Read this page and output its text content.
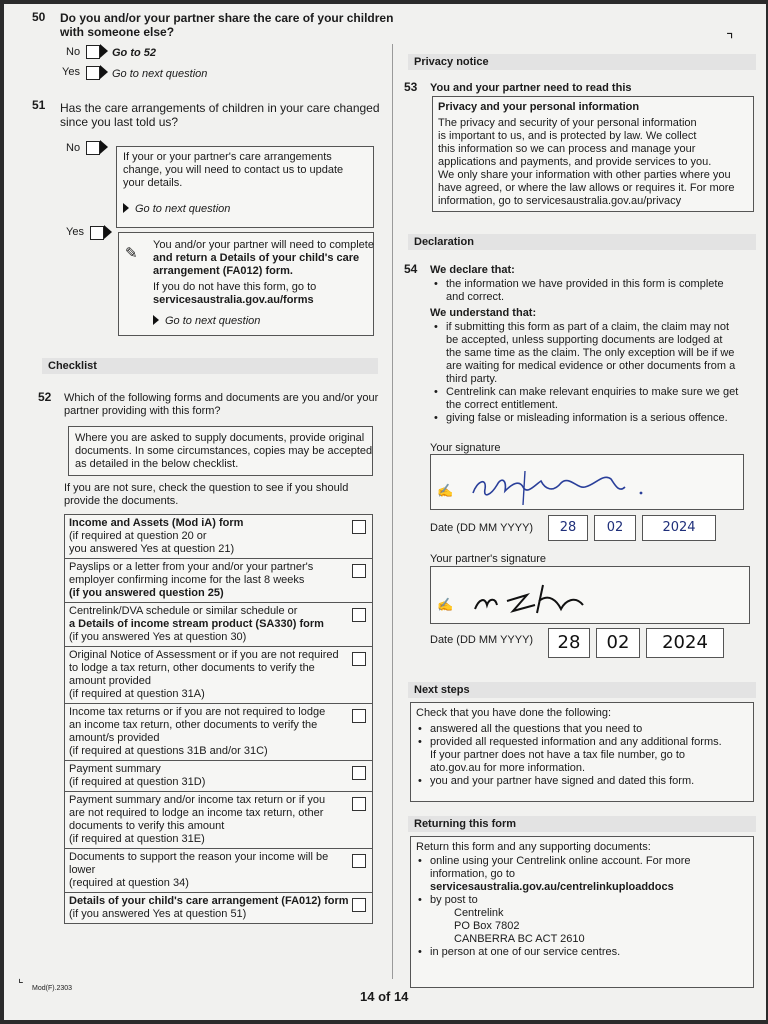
50 Do you and/or your partner share the care of your children
with someone else?
No	Go to 52
Yes	Go to next question
51 Has the care arrangements of children in your care changed
since you last told us?
No
If your or your partner's care arrangements
change, you will need to contact us to update
your details.
Go to next question
Yes
✎ You and/or your partner will need to complete
and return a Details of your child's care
arrangement (FA012) form.
If you do not have this form, go to
servicesaustralia.gov.au/forms
Go to next question
Checklist
52 Which of the following forms and documents are you and/or your
partner providing with this form?
Where you are asked to supply documents, provide original
documents. In some circumstances, copies may be accepted
as detailed in the below checklist.
If you are not sure, check the question to see if you should
provide the documents.
Income and Assets (Mod iA) form
(if required at question 20 or
you answered Yes at question 21)
Payslips or a letter from your and/or your partner's
employer confirming income for the last 8 weeks
(if you answered question 25)
Centrelink/DVA schedule or similar schedule or
a Details of income stream product (SA330) form
(if you answered Yes at question 30)
Original Notice of Assessment or if you are not required
to lodge a tax return, other documents to verify the
amount provided
(if required at question 31A)
Income tax returns or if you are not required to lodge
an income tax return, other documents to verify the
amount/s provided
(if required at questions 31B and/or 31C)
Payment summary
(if required at question 31D)
Payment summary and/or income tax return or if you
are not required to lodge an income tax return, other
documents to verify this amount
(if required at question 31E)
Documents to support the reason your income will be
lower
(required at question 34)
Details of your child's care arrangement (FA012) form
(if you answered Yes at question 51)
⌝
Privacy notice
53 You and your partner need to read this
Privacy and your personal information
The privacy and security of your personal information
is important to us, and is protected by law. We collect
this information so we can process and manage your
applications and payments, and provide services to you.
We only share your information with other parties where you
have agreed, or where the law allows or requires it. For more
information, go to servicesaustralia.gov.au/privacy
Declaration
54 We declare that:
• the information we have provided in this form is complete
and correct.
We understand that:
• if submitting this form as part of a claim, the claim may not
be accepted, unless supporting documents are lodged at
the same time as the claim. The only exception will be if we
are waiting for medical evidence or other documents from a
third party.
• Centrelink can make relevant enquiries to make sure we get
the correct entitlement.
• giving false or misleading information is a serious offence.
Your signature
✍
Date (DD MM YYYY)	28	02	2024
Your partner's signature
✍
Date (DD MM YYYY)	28	02	2024
Next steps
Check that you have done the following:
• answered all the questions that you need to
• provided all requested information and any additional forms.
If your partner does not have a tax file number, go to
ato.gov.au for more information.
• you and your partner have signed and dated this form.
Returning this form
Return this form and any supporting documents:
• online using your Centrelink online account. For more
information, go to
servicesaustralia.gov.au/centrelinkuploaddocs
• by post to
Centrelink
PO Box 7802
CANBERRA BC ACT 2610
• in person at one of our service centres.
⌞
Mod(F).2303
14 of 14
